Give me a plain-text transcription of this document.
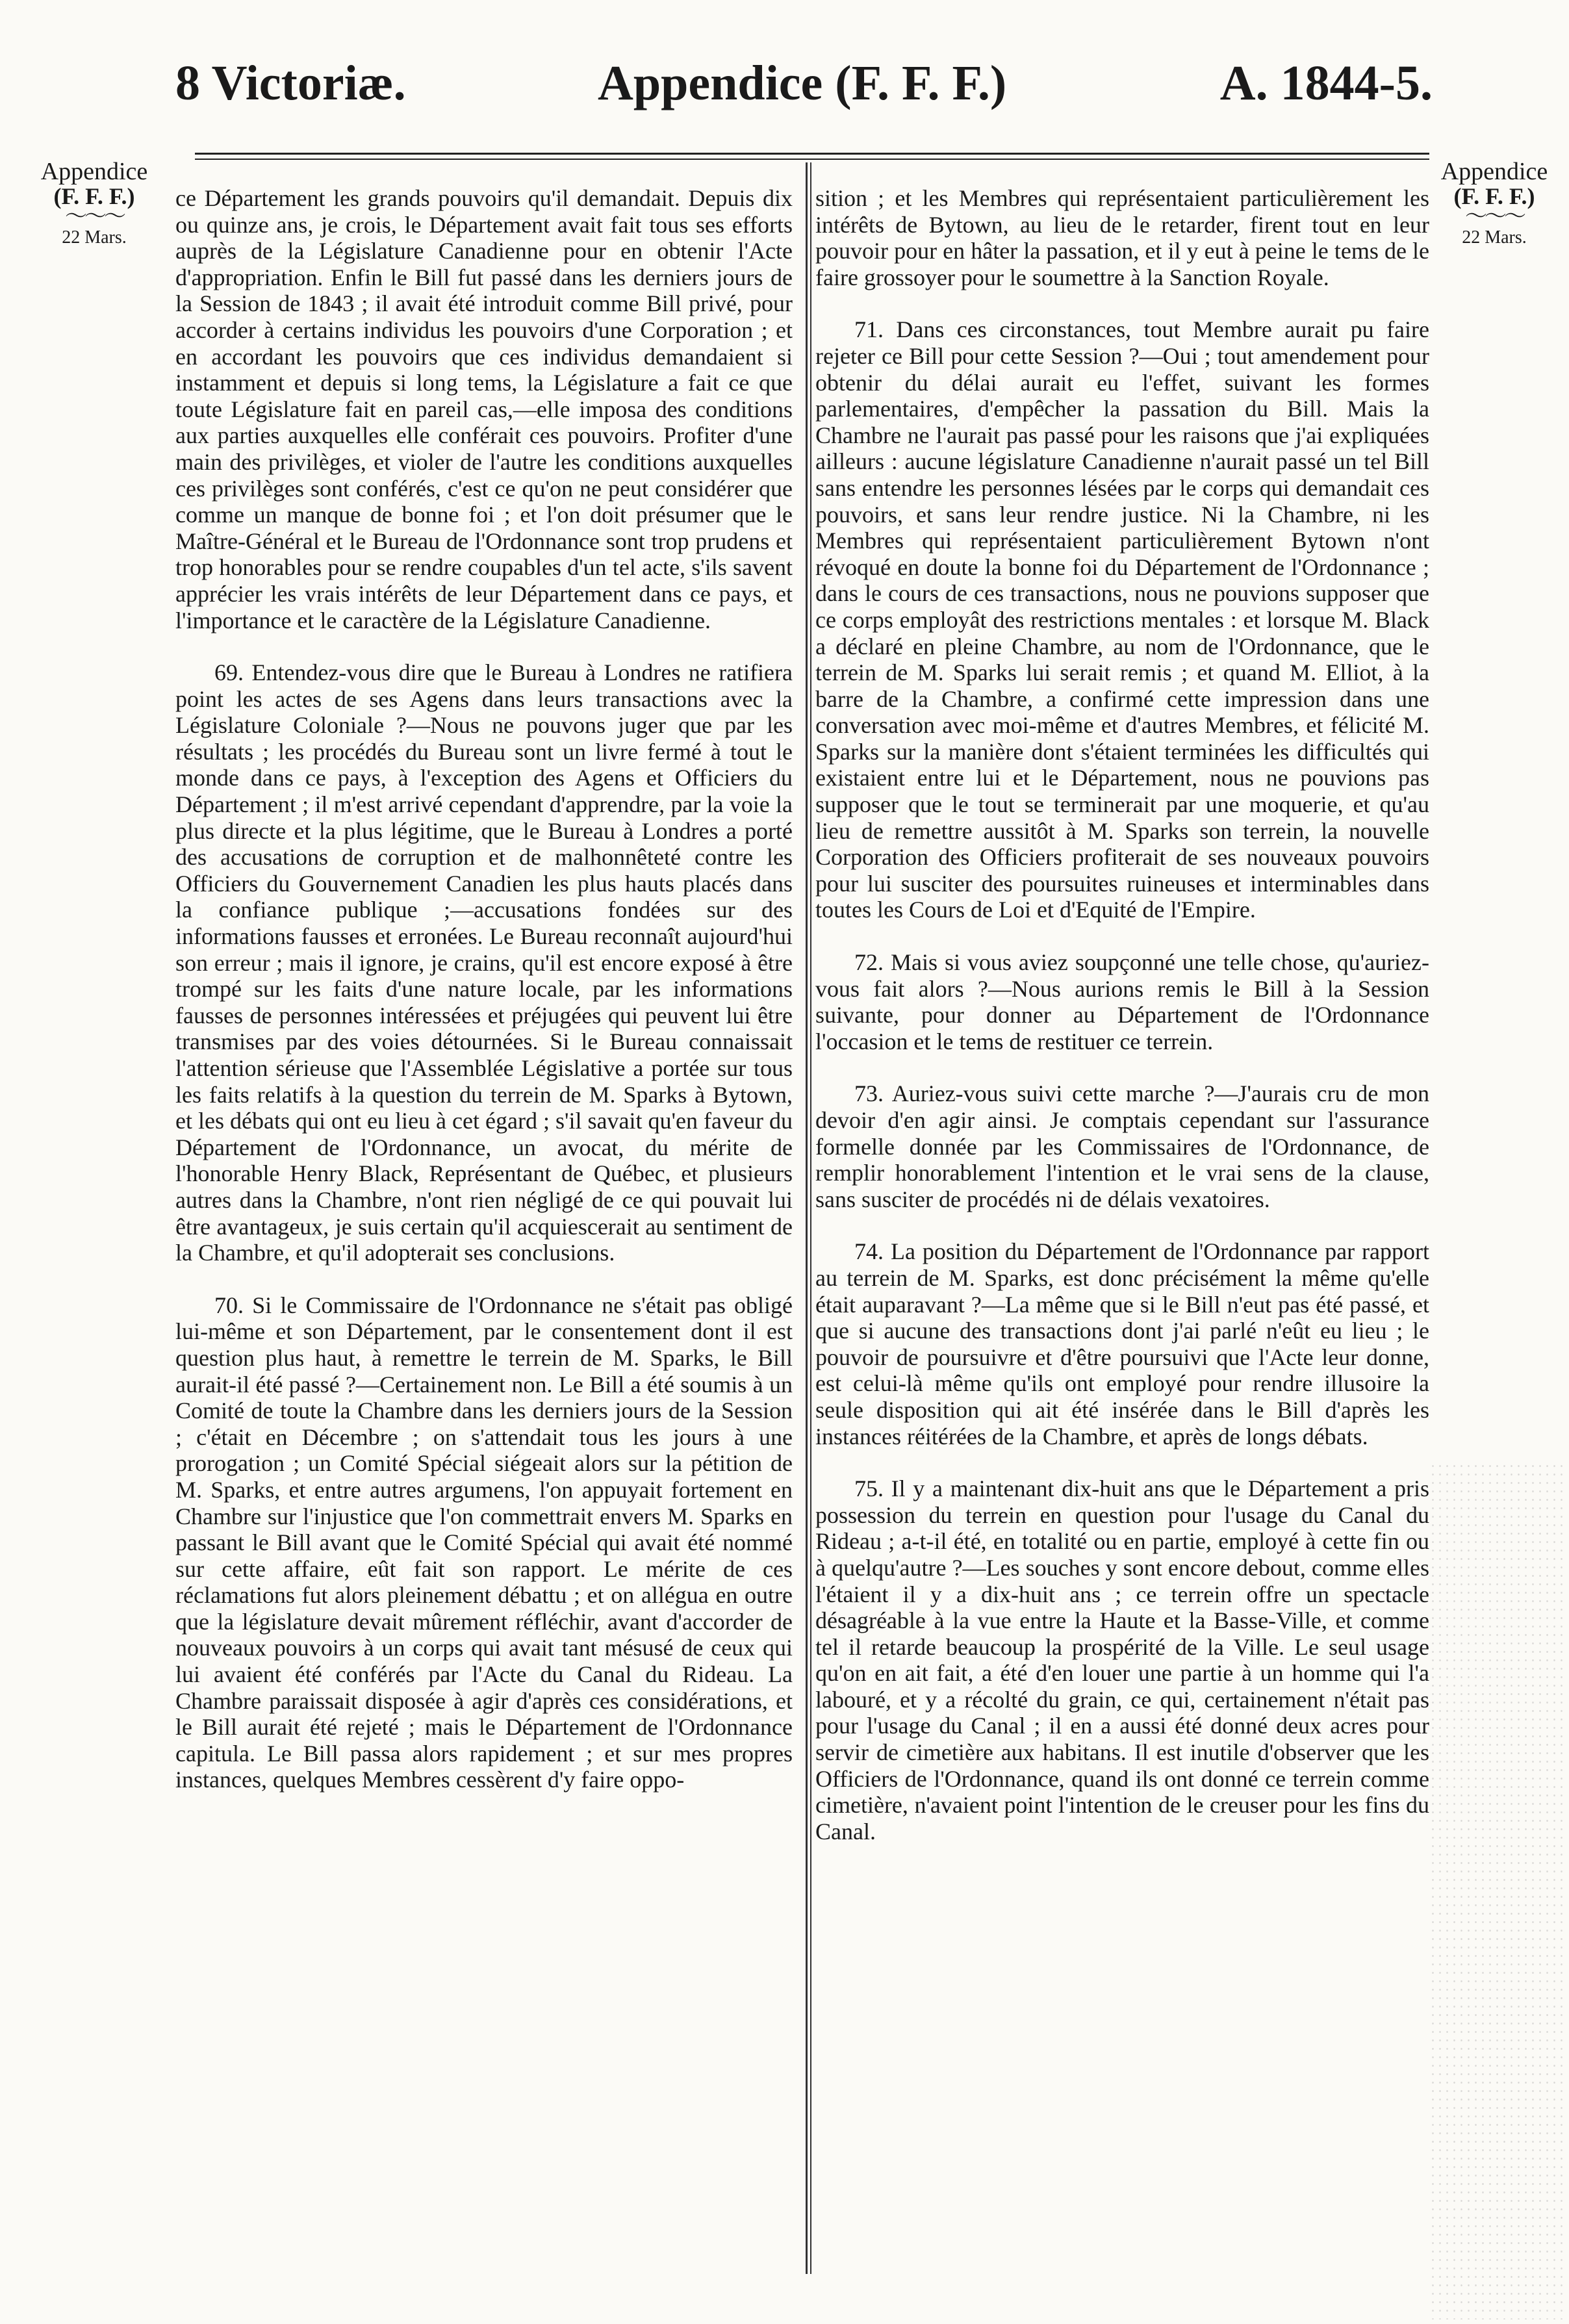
8 Victoriæ.	Appendice (F. F. F.)	A. 1844-5.
Appendice
(F. F. F.)
〜〜〜
22 Mars.
Appendice
(F. F. F.)
〜〜〜
22 Mars.

ce Département les grands pouvoirs qu'il demandait. Depuis dix ou quinze ans, je crois, le Département avait fait tous ses efforts auprès de la Législature Canadienne pour en obtenir l'Acte d'appropriation. Enfin le Bill fut passé dans les derniers jours de la Session de 1843 ; il avait été introduit comme Bill privé, pour accorder à certains individus les pouvoirs d'une Corporation ; et en accordant les pouvoirs que ces individus demandaient si instamment et depuis si long tems, la Législature a fait ce que toute Législature fait en pareil cas,—elle imposa des conditions aux parties auxquelles elle conférait ces pouvoirs. Profiter d'une main des privilèges, et violer de l'autre les conditions auxquelles ces privilèges sont conférés, c'est ce qu'on ne peut considérer que comme un manque de bonne foi ; et l'on doit présumer que le Maître-Général et le Bureau de l'Ordonnance sont trop prudens et trop honorables pour se rendre coupables d'un tel acte, s'ils savent apprécier les vrais intérêts de leur Département dans ce pays, et l'importance et le caractère de la Législature Canadienne.

69. Entendez-vous dire que le Bureau à Londres ne ratifiera point les actes de ses Agens dans leurs transactions avec la Législature Coloniale ?—Nous ne pouvons juger que par les résultats ; les procédés du Bureau sont un livre fermé à tout le monde dans ce pays, à l'exception des Agens et Officiers du Département ; il m'est arrivé cependant d'apprendre, par la voie la plus directe et la plus légitime, que le Bureau à Londres a porté des accusations de corruption et de malhonnêteté contre les Officiers du Gouvernement Canadien les plus hauts placés dans la confiance publique ;—accusations fondées sur des informations fausses et erronées. Le Bureau reconnaît aujourd'hui son erreur ; mais il ignore, je crains, qu'il est encore exposé à être trompé sur les faits d'une nature locale, par les informations fausses de personnes intéressées et préjugées qui peuvent lui être transmises par des voies détournées. Si le Bureau connaissait l'attention sérieuse que l'Assemblée Législative a portée sur tous les faits relatifs à la question du terrein de M. Sparks à Bytown, et les débats qui ont eu lieu à cet égard ; s'il savait qu'en faveur du Département de l'Ordonnance, un avocat, du mérite de l'honorable Henry Black, Représentant de Québec, et plusieurs autres dans la Chambre, n'ont rien négligé de ce qui pouvait lui être avantageux, je suis certain qu'il acquiescerait au sentiment de la Chambre, et qu'il adopterait ses conclusions.

70. Si le Commissaire de l'Ordonnance ne s'était pas obligé lui-même et son Département, par le consentement dont il est question plus haut, à remettre le terrein de M. Sparks, le Bill aurait-il été passé ?—Certainement non. Le Bill a été soumis à un Comité de toute la Chambre dans les derniers jours de la Session ; c'était en Décembre ; on s'attendait tous les jours à une prorogation ; un Comité Spécial siégeait alors sur la pétition de M. Sparks, et entre autres argumens, l'on appuyait fortement en Chambre sur l'injustice que l'on commettrait envers M. Sparks en passant le Bill avant que le Comité Spécial qui avait été nommé sur cette affaire, eût fait son rapport. Le mérite de ces réclamations fut alors pleinement débattu ; et on allégua en outre que la législature devait mûrement réfléchir, avant d'accorder de nouveaux pouvoirs à un corps qui avait tant mésusé de ceux qui lui avaient été conférés par l'Acte du Canal du Rideau. La Chambre paraissait disposée à agir d'après ces considérations, et le Bill aurait été rejeté ; mais le Département de l'Ordonnance capitula. Le Bill passa alors rapidement ; et sur mes propres instances, quelques Membres cessèrent d'y faire oppo-

sition ; et les Membres qui représentaient particulièrement les intérêts de Bytown, au lieu de le retarder, firent tout en leur pouvoir pour en hâter la passation, et il y eut à peine le tems de le faire grossoyer pour le soumettre à la Sanction Royale.

71. Dans ces circonstances, tout Membre aurait pu faire rejeter ce Bill pour cette Session ?—Oui ; tout amendement pour obtenir du délai aurait eu l'effet, suivant les formes parlementaires, d'empêcher la passation du Bill. Mais la Chambre ne l'aurait pas passé pour les raisons que j'ai expliquées ailleurs : aucune législature Canadienne n'aurait passé un tel Bill sans entendre les personnes lésées par le corps qui demandait ces pouvoirs, et sans leur rendre justice. Ni la Chambre, ni les Membres qui représentaient particulièrement Bytown n'ont révoqué en doute la bonne foi du Département de l'Ordonnance ; dans le cours de ces transactions, nous ne pouvions supposer que ce corps employât des restrictions mentales : et lorsque M. Black a déclaré en pleine Chambre, au nom de l'Ordonnance, que le terrein de M. Sparks lui serait remis ; et quand M. Elliot, à la barre de la Chambre, a confirmé cette impression dans une conversation avec moi-même et d'autres Membres, et félicité M. Sparks sur la manière dont s'étaient terminées les difficultés qui existaient entre lui et le Département, nous ne pouvions pas supposer que le tout se terminerait par une moquerie, et qu'au lieu de remettre aussitôt à M. Sparks son terrein, la nouvelle Corporation des Officiers profiterait de ses nouveaux pouvoirs pour lui susciter des poursuites ruineuses et interminables dans toutes les Cours de Loi et d'Equité de l'Empire.

72. Mais si vous aviez soupçonné une telle chose, qu'auriez-vous fait alors ?—Nous aurions remis le Bill à la Session suivante, pour donner au Département de l'Ordonnance l'occasion et le tems de restituer ce terrein.

73. Auriez-vous suivi cette marche ?—J'aurais cru de mon devoir d'en agir ainsi. Je comptais cependant sur l'assurance formelle donnée par les Commissaires de l'Ordonnance, de remplir honorablement l'intention et le vrai sens de la clause, sans susciter de procédés ni de délais vexatoires.

74. La position du Département de l'Ordonnance par rapport au terrein de M. Sparks, est donc précisément la même qu'elle était auparavant ?—La même que si le Bill n'eut pas été passé, et que si aucune des transactions dont j'ai parlé n'eût eu lieu ; le pouvoir de poursuivre et d'être poursuivi que l'Acte leur donne, est celui-là même qu'ils ont employé pour rendre illusoire la seule disposition qui ait été insérée dans le Bill d'après les instances réitérées de la Chambre, et après de longs débats.

75. Il y a maintenant dix-huit ans que le Département a pris possession du terrein en question pour l'usage du Canal du Rideau ; a-t-il été, en totalité ou en partie, employé à cette fin ou à quelqu'autre ?—Les souches y sont encore debout, comme elles l'étaient il y a dix-huit ans ; ce terrein offre un spectacle désagréable à la vue entre la Haute et la Basse-Ville, et comme tel il retarde beaucoup la prospérité de la Ville. Le seul usage qu'on en ait fait, a été d'en louer une partie à un homme qui l'a labouré, et y a récolté du grain, ce qui, certainement n'était pas pour l'usage du Canal ; il en a aussi été donné deux acres pour servir de cimetière aux habitans. Il est inutile d'observer que les Officiers de l'Ordonnance, quand ils ont donné ce terrein comme cimetière, n'avaient point l'intention de le creuser pour les fins du Canal.
